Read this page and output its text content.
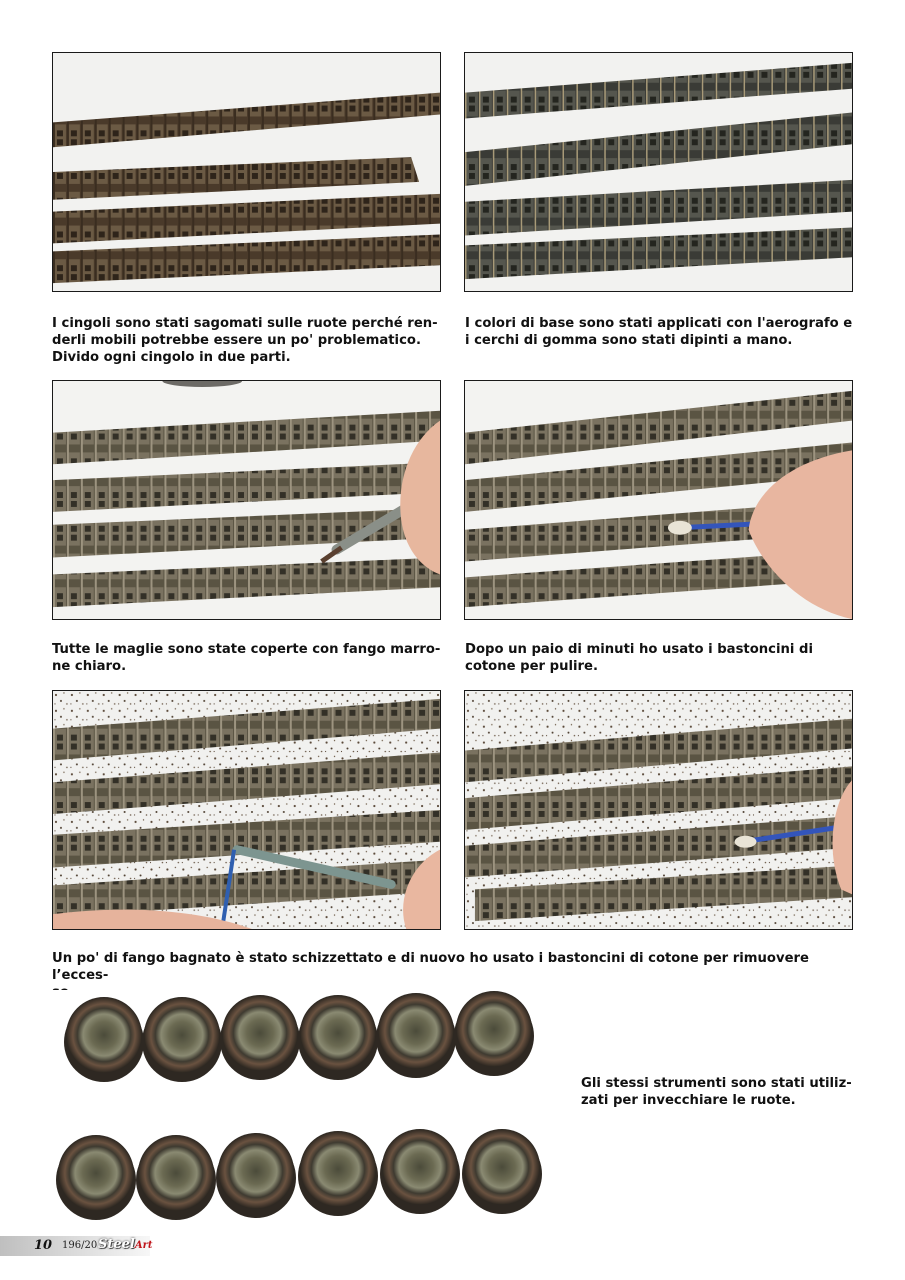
I cingoli sono stati sagomati sulle ruote perché ren-
derli mobili potrebbe essere un po' problematico.
Divido ogni cingolo in due parti.

I colori di base sono stati applicati con l'aerografo e
i cerchi di gomma sono stati dipinti a mano.

Tutte le maglie sono state coperte con fango marro-
ne chiaro.

Dopo un paio di minuti ho usato i bastoncini di
cotone per pulire.

Un po' di fango bagnato è stato schizzettato e di nuovo ho usato i bastoncini di cotone per rimuovere l’ecces-

Gli stessi strumenti sono stati utiliz-
zati per invecchiare le ruote.

10 196/20 SteelArt
